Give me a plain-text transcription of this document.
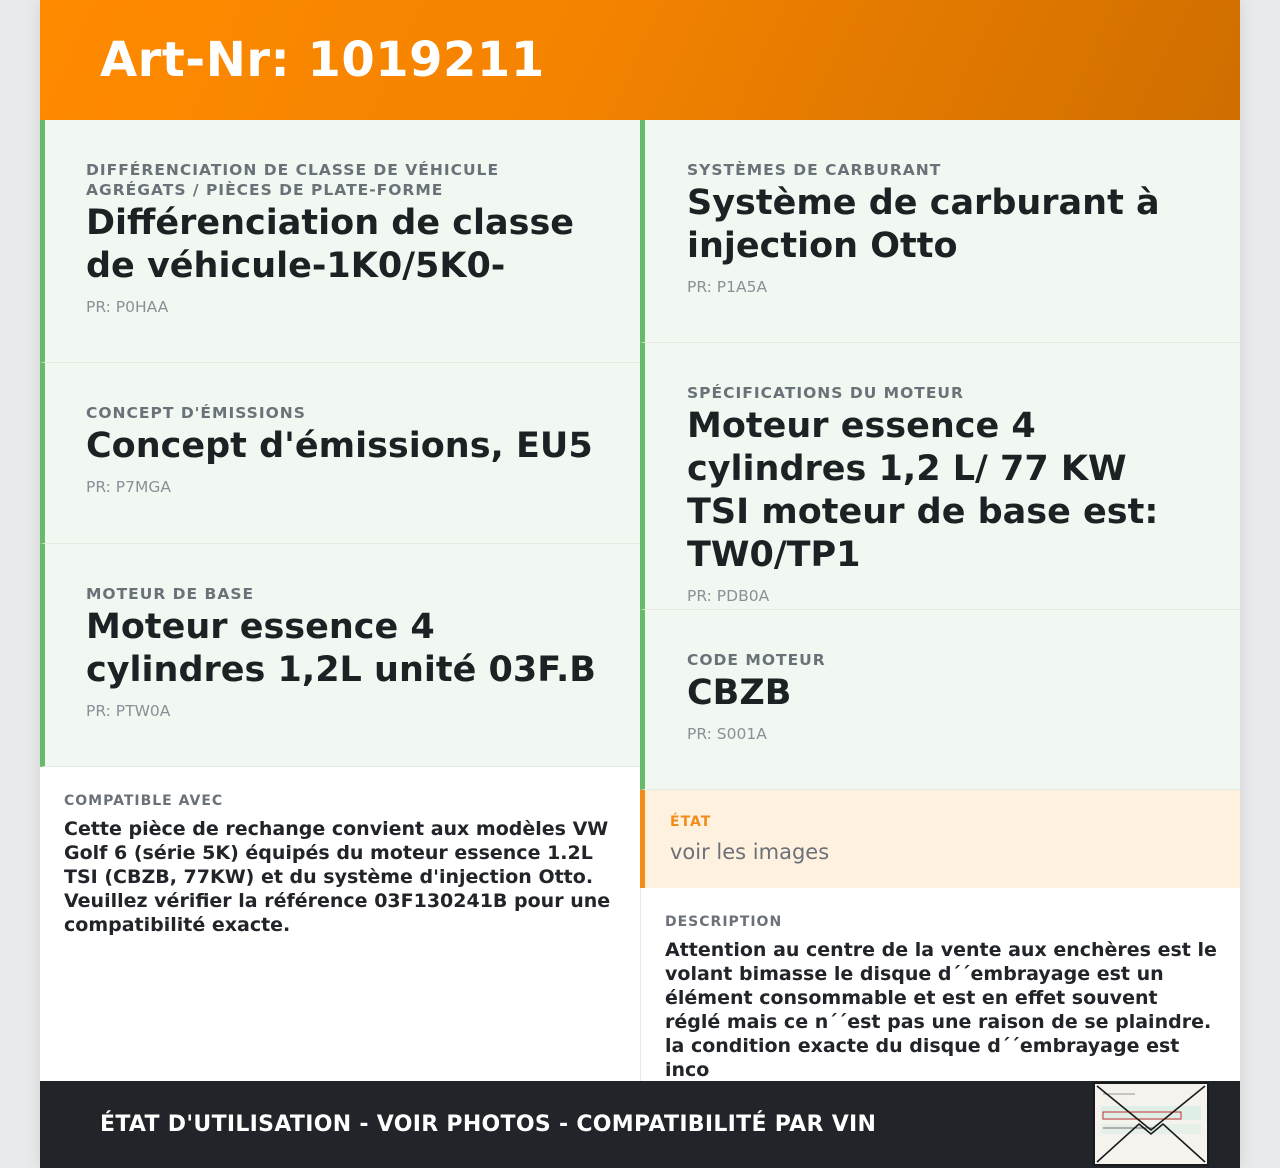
Art-Nr: 1019211
DIFFÉRENCIATION DE CLASSE DE VÉHICULE AGRÉGATS / PIÈCES DE PLATE-FORME
Différenciation de classe de véhicule-1K0/5K0-
PR: P0HAA
CONCEPT D'ÉMISSIONS
Concept d'émissions, EU5
PR: P7MGA
MOTEUR DE BASE
Moteur essence 4 cylindres 1,2L unité 03F.B
PR: PTW0A
COMPATIBLE AVEC
Cette pièce de rechange convient aux modèles VW Golf 6 (série 5K) équipés du moteur essence 1.2L TSI (CBZB, 77KW) et du système d'injection Otto. Veuillez vérifier la référence 03F130241B pour une compatibilité exacte.
SYSTÈMES DE CARBURANT
Système de carburant à injection Otto
PR: P1A5A
SPÉCIFICATIONS DU MOTEUR
Moteur essence 4 cylindres 1,2 L/ 77 KW TSI moteur de base est: TW0/TP1
PR: PDB0A
CODE MOTEUR
CBZB
PR: S001A
ÉTAT
voir les images
DESCRIPTION
Attention au centre de la vente aux enchères est le volant bimasse le disque d´´embrayage est un élément consommable et est en effet souvent réglé mais ce n´´est pas une raison de se plaindre. la condition exacte du disque d´´embrayage est inco
ÉTAT D'UTILISATION - VOIR PHOTOS - COMPATIBILITÉ PAR VIN
